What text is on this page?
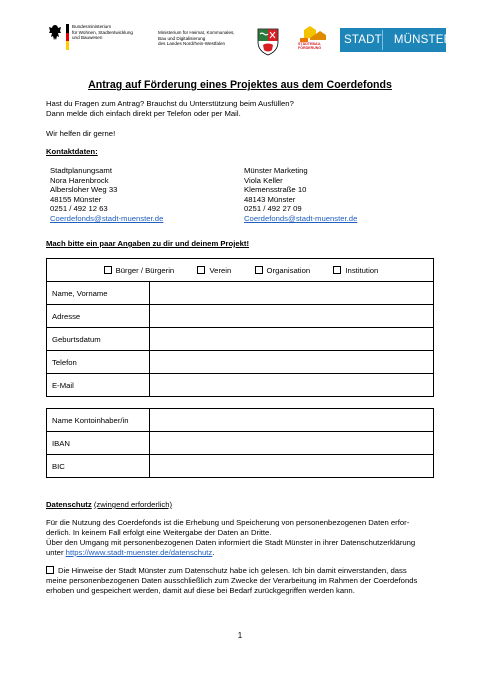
Bundesministerium
für Wohnen, Stadtentwicklung
und Bauwesen
Ministerium für Heimat, Kommunales,
Bau und Digitalisierung
des Landes Nordrhein-Westfalen	STÄDTEBAU-
FÖRDERUNG
STADT	MÜNSTER
Antrag auf Förderung eines Projektes aus dem Coerdefonds
Hast du Fragen zum Antrag? Brauchst du Unterstützung beim Ausfüllen?
Dann melde dich einfach direkt per Telefon oder per Mail.
Wir helfen dir gerne!
Kontaktdaten:
Stadtplanungsamt
Nora Harenbrock
Albersloher Weg 33
48155 Münster
0251 / 492 12 63
Coerdefonds@stadt-muenster.de
Münster Marketing
Viola Keller
Klemensstraße 10
48143 Münster
0251 / 492 27 09
Coerdefonds@stadt-muenster.de
Mach bitte ein paar Angaben zu dir und deinem Projekt!
Bürger / Bürgerin Verein Organisation Institution	

Name, Vorname	
Adresse	
Geburtsdatum	
Telefon	
E-Mail	
Name Kontoinhaber/in	
IBAN	
BIC	
Datenschutz (zwingend erforderlich)
Für die Nutzung des Coerdefonds ist die Erhebung und Speicherung von personenbezogenen Daten erfor-
derlich. In keinem Fall erfolgt eine Weitergabe der Daten an Dritte.
Über den Umgang mit personenbezogenen Daten informiert die Stadt Münster in ihrer Datenschutzerklärung
unter https://www.stadt-muenster.de/datenschutz.
Die Hinweise der Stadt Münster zum Datenschutz habe ich gelesen. Ich bin damit einverstanden, dass
meine personenbezogenen Daten ausschließlich zum Zwecke der Verarbeitung im Rahmen der Coerdefonds
erhoben und gespeichert werden, damit auf diese bei Bedarf zurückgegriffen werden kann.
1
